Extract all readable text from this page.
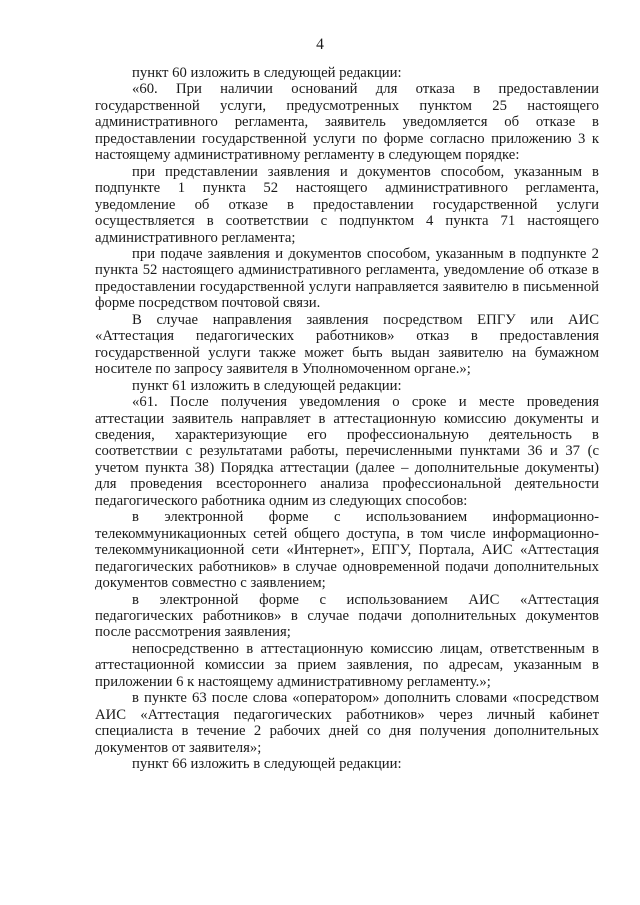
4

пункт 60 изложить в следующей редакции:

«60. При наличии оснований для отказа в предоставлении государственной услуги, предусмотренных пунктом 25 настоящего административного регламента, заявитель уведомляется об отказе в предоставлении государственной услуги по форме согласно приложению 3 к настоящему административному регламенту в следующем порядке:

при представлении заявления и документов способом, указанным в подпункте 1 пункта 52 настоящего административного регламента, уведомление об отказе в предоставлении государственной услуги осуществляется в соответствии с подпунктом 4 пункта 71 настоящего административного регламента;

при подаче заявления и документов способом, указанным в подпункте 2 пункта 52 настоящего административного регламента, уведомление об отказе в предоставлении государственной услуги направляется заявителю в письменной форме посредством почтовой связи.

В случае направления заявления посредством ЕПГУ или АИС «Аттестация педагогических работников» отказ в предоставления государственной услуги также может быть выдан заявителю на бумажном носителе по запросу заявителя в Уполномоченном органе.»;

пункт 61 изложить в следующей редакции:

«61. После получения уведомления о сроке и месте проведения аттестации заявитель направляет в аттестационную комиссию документы и сведения, характеризующие его профессиональную деятельность в соответствии с результатами работы, перечисленными пунктами 36 и 37 (с учетом пункта 38) Порядка аттестации (далее – дополнительные документы) для проведения всестороннего анализа профессиональной деятельности педагогического работника одним из следующих способов:

в электронной форме с использованием информационно-телекоммуникационных сетей общего доступа, в том числе информационно-телекоммуникационной сети «Интернет», ЕПГУ, Портала, АИС «Аттестация педагогических работников» в случае одновременной подачи дополнительных документов совместно с заявлением;

в электронной форме с использованием АИС «Аттестация педагогических работников» в случае подачи дополнительных документов после рассмотрения заявления;

непосредственно в аттестационную комиссию лицам, ответственным в аттестационной комиссии за прием заявления, по адресам, указанным в приложении 6 к настоящему административному регламенту.»;

в пункте 63 после слова «оператором» дополнить словами «посредством АИС «Аттестация педагогических работников» через личный кабинет специалиста в течение 2 рабочих дней со дня получения дополнительных документов от заявителя»;

пункт 66 изложить в следующей редакции:
